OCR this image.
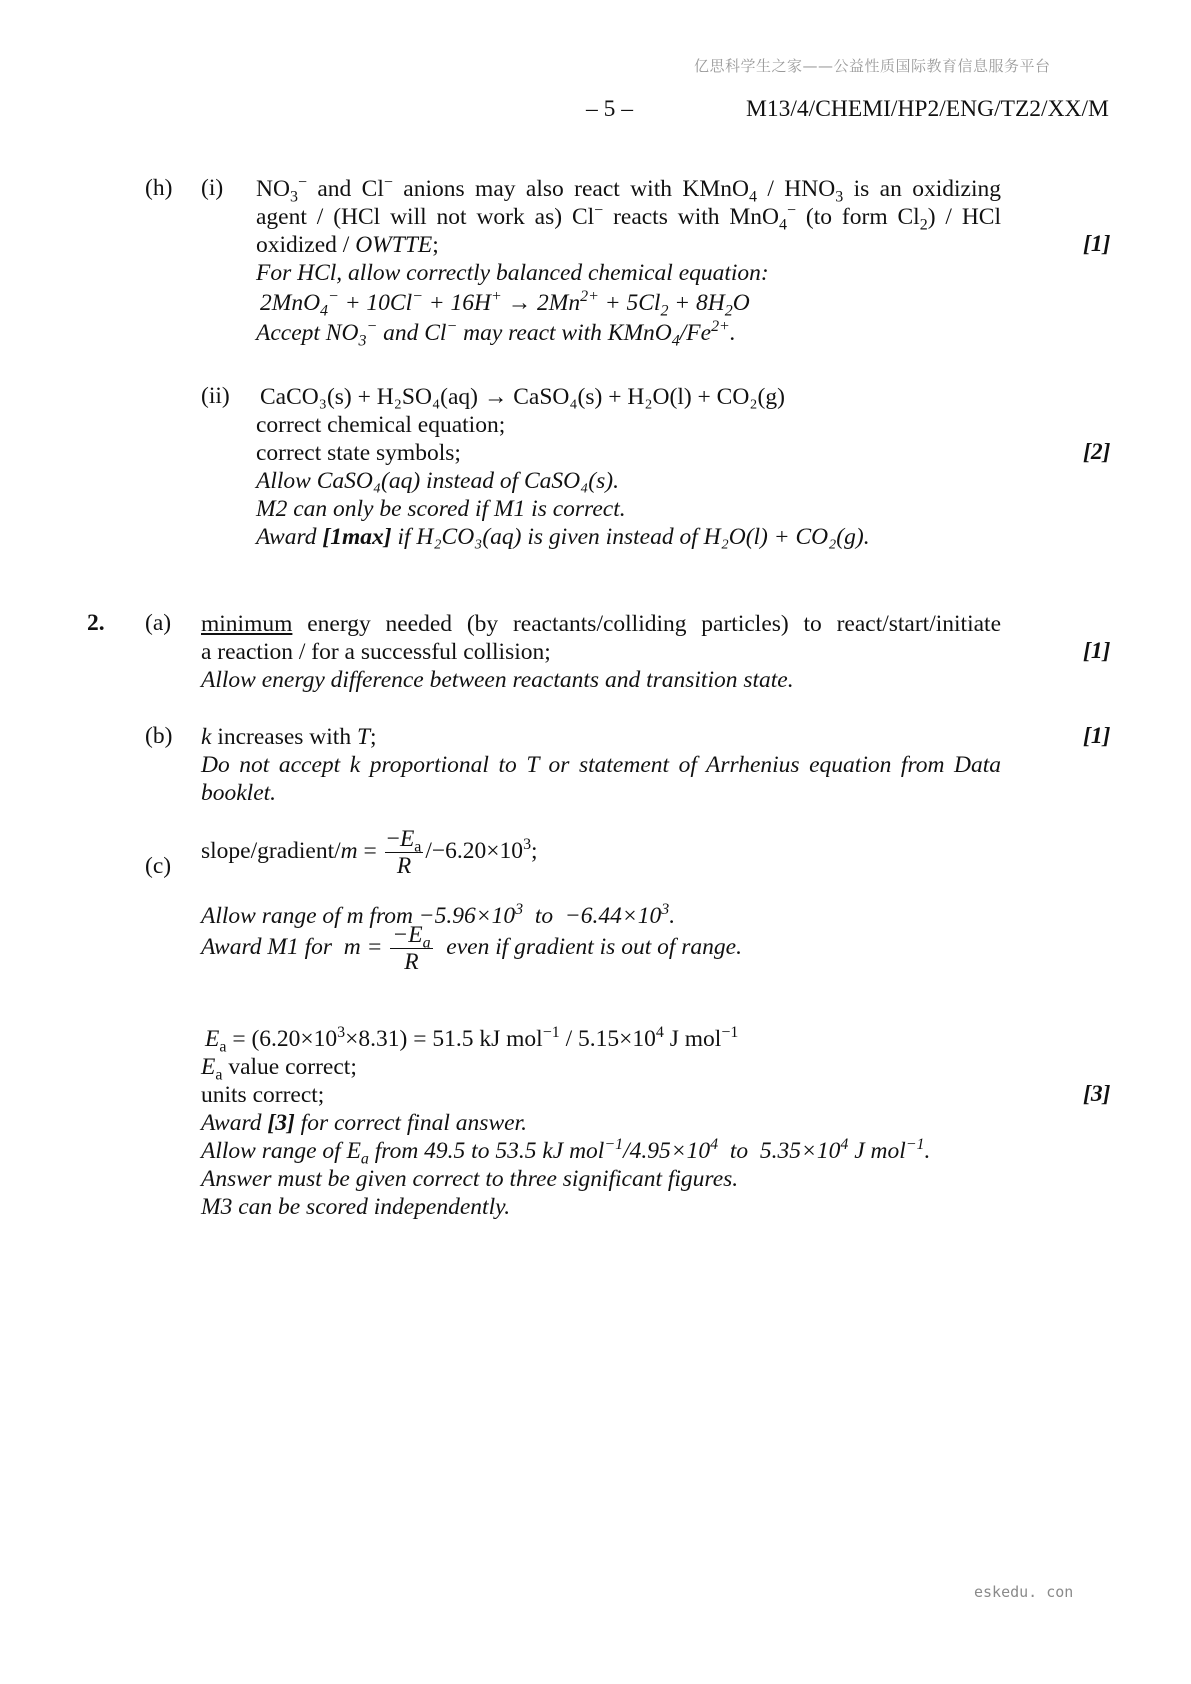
亿思科学生之家——公益性质国际教育信息服务平台
– 5 –	M13/4/CHEMI/HP2/ENG/TZ2/XX/M
(h) (i) $NO_3^-$ and Cl− anions may also react with KMnO$_4$ / $HNO_3$ is an oxidizing
agent / (HCl will not work as) Cl− reacts with MnO$_4$− (to form $Cl_2$) / HCl
oxidized / OWTTE;
For HCl, allow correctly balanced chemical equation:
$2MnO_4^- + 10Cl^- + 16H^+ \to 2Mn^{2+} + 5Cl_2 + 8H_2O$
Accept $NO_3^-$ and Cl− may react with $KMnO_4/Fe^{2+}$.
[1]
(ii) CaCO₃(s) + H₂SO₄(aq) → CaSO₄(s) + H₂O(l) + CO₂(g)
correct chemical equation;
correct state symbols;
Allow CaSO₄(aq) instead of CaSO₄(s).
M2 can only be scored if M1 is correct.
Award [1max] if H₂CO₃(aq) is given instead of H₂O(l) + CO₂(g).
[2]
2. (a) minimum energy needed (by reactants/colliding particles) to react/start/initiate
a reaction / for a successful collision;
Allow energy difference between reactants and transition state.
[1]
(b) k increases with T;
Do not accept k proportional to T or statement of Arrhenius equation from Data
booklet.
[1]
(c)
slope/gradient/m = $\frac{-E_a}{R} /-6.20\times 10^3$;
Allow range of m from $-5.96\times 10^3$  to  $-6.44\times 10^3$.
Award M1 for  $m = \frac{-E_a}{R}$ even if gradient is out of range.
$E_a = (6.20\times 10^3\times 8.31) = 51.5$ kJ $mol^{-1} / 5.15\times 10^4$ J mol$^{-1}$
$E_a$ value correct;
units correct;
Award [3] for correct final answer.
Allow range of $E_a$ from 49.5 to 53.5 kJ $mol^{-1}/4.95\times 10^4$  to  $5.35\times 10^4$ J mol$^{-1}$.
Answer must be given correct to three significant figures.
M3 can be scored independently.
[3]
eskedu. con
